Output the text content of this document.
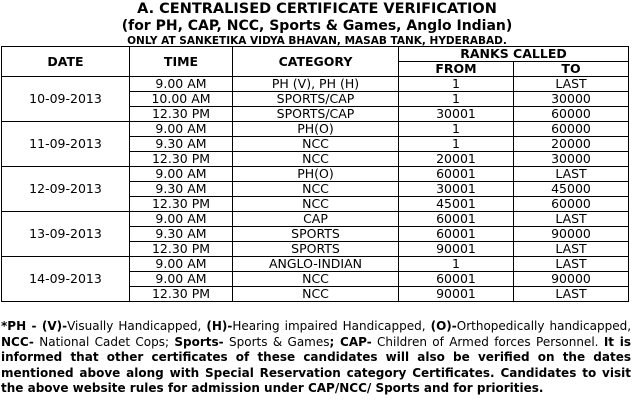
A. CENTRALISED CERTIFICATE VERIFICATION
(for PH, CAP, NCC, Sports & Games, Anglo Indian)
ONLY AT SANKETIKA VIDYA BHAVAN, MASAB TANK, HYDERABAD.
DATE	TIME	CATEGORY	RANKS CALLED	
			FROM	TO
10-09-2013	9.00 AM	PH (V), PH (H)	1	LAST
	10.00 AM	SPORTS/CAP	1	30000
	12.30 PM	SPORTS/CAP	30001	60000
11-09-2013	9.00 AM	PH(O)	1	60000
	9.30 AM	NCC	1	20000
	12.30 PM	NCC	20001	30000
12-09-2013	9.00 AM	PH(O)	60001	LAST
	9.30 AM	NCC	30001	45000
	12.30 PM	NCC	45001	60000
13-09-2013	9.00 AM	CAP	60001	LAST
	9.30 AM	SPORTS	60001	90000
	12.30 PM	SPORTS	90001	LAST
14-09-2013	9.00 AM	ANGLO-INDIAN	1	LAST
	9.00 AM	NCC	60001	90000
	12.30 PM	NCC	90001	LAST
*PH - (V)-Visually Handicapped, (H)-Hearing impaired Handicapped, (O)-Orthopedically handicapped, NCC- National Cadet Cops; Sports- Sports & Games; CAP- Children of Armed forces Personnel. It is informed that other certificates of these candidates will also be verified on the dates mentioned above along with Special Reservation category Certificates. Candidates to visit the above website rules for admission under CAP/NCC/ Sports and for priorities.
